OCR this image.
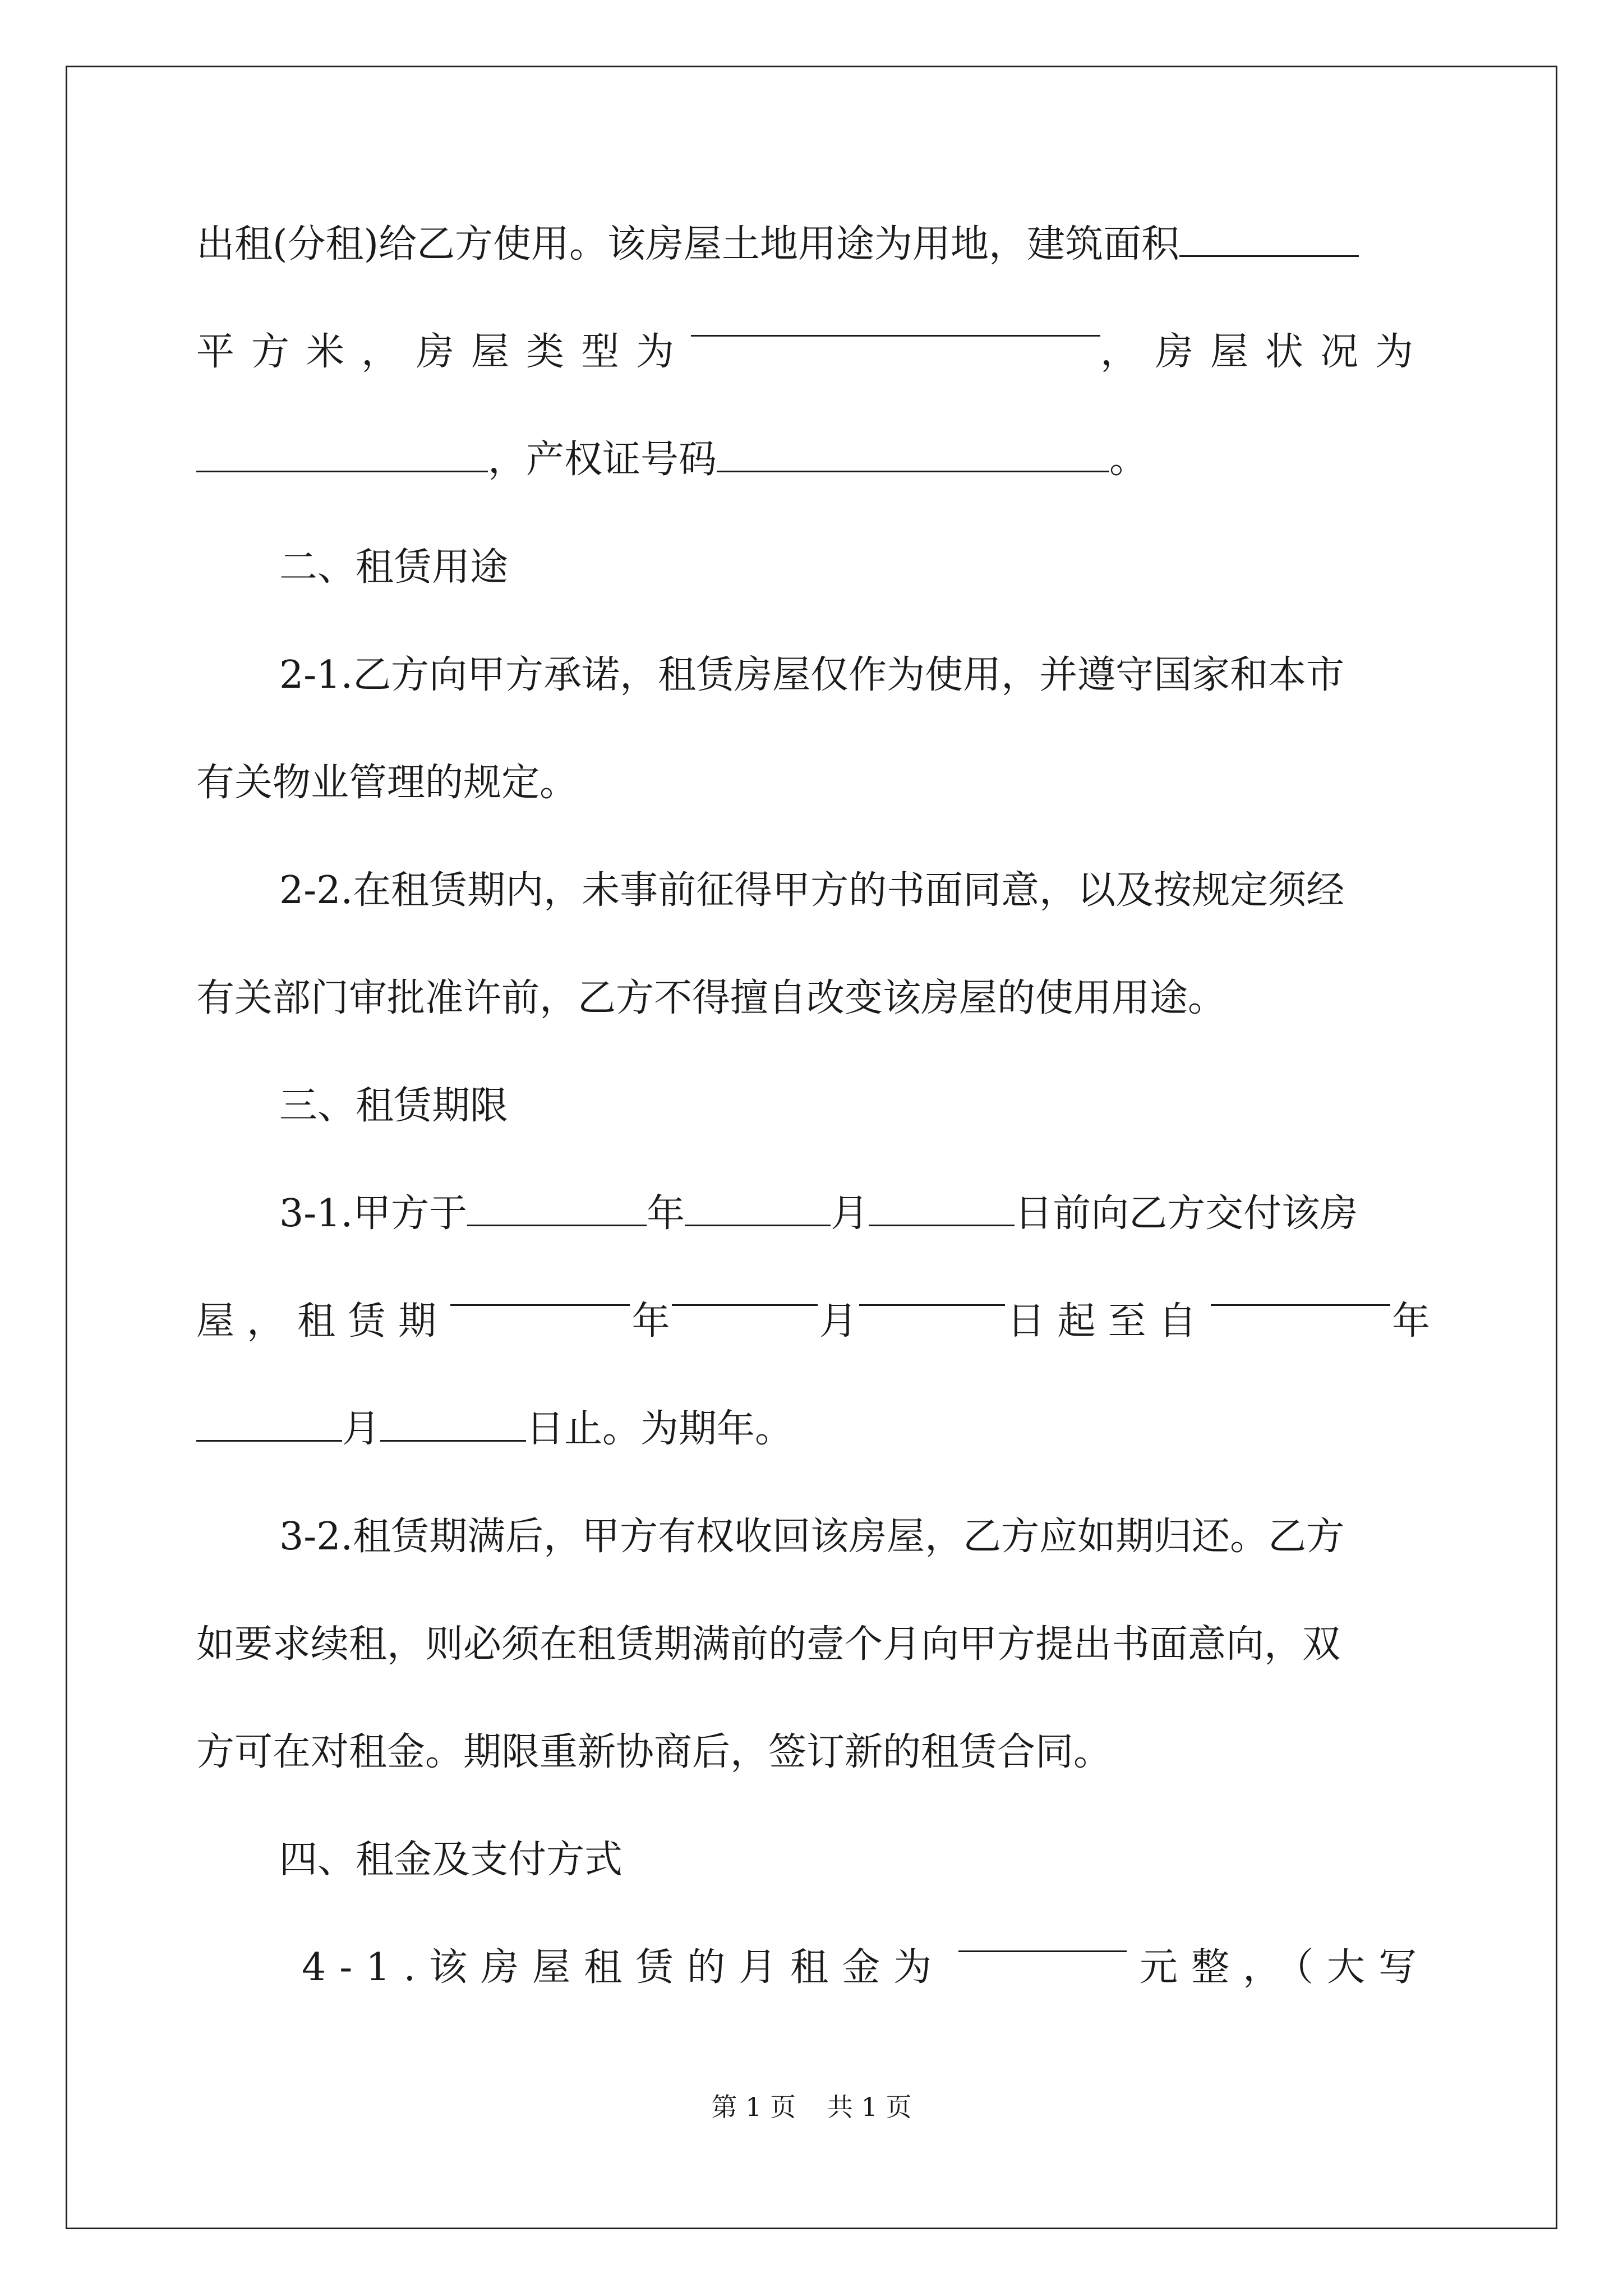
出租(分租)给乙方使用。该房屋土地用途为用地，建筑面积
平方米，房屋类型为	，房屋状况为
，产权证号码	。
二、租赁用途
2-1.乙方向甲方承诺，租赁房屋仅作为使用，并遵守国家和本市
有关物业管理的规定。
2-2.在租赁期内，未事前征得甲方的书面同意，以及按规定须经
有关部门审批准许前，乙方不得擅自改变该房屋的使用用途。
三、租赁期限
3-1.甲方于	年	月	日前向乙方交付该房
屋，租赁期	年	月	日起至自	年
月	日止。为期年。
3-2.租赁期满后，甲方有权收回该房屋，乙方应如期归还。乙方
如要求续租，则必须在租赁期满前的壹个月向甲方提出书面意向，双
方可在对租金。期限重新协商后，签订新的租赁合同。
四、租金及支付方式
4-1.该房屋租赁的月租金为	元整，（大写
第 1 页 共 1 页
